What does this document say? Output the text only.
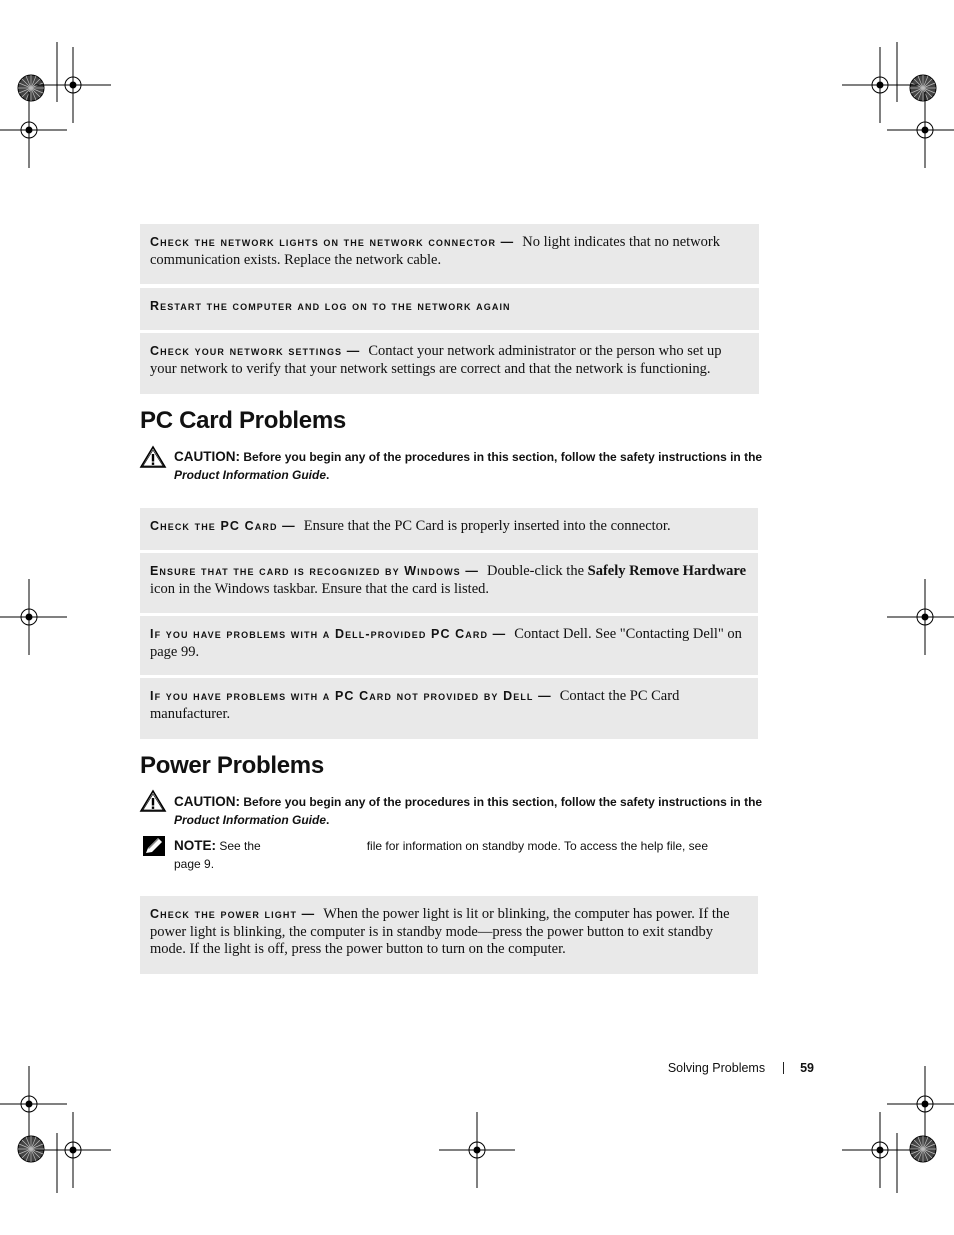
Check the network lights on the network connector — No light indicates that no network communication exists. Replace the network cable.
Restart the computer and log on to the network again
Check your network settings — Contact your network administrator or the person who set up your network to verify that your network settings are correct and that the network is functioning.
PC Card Problems
CAUTION: Before you begin any of the procedures in this section, follow the safety instructions in the
Product Information Guide.
Check the PC Card — Ensure that the PC Card is properly inserted into the connector.
Ensure that the card is recognized by Windows — Double-click the Safely Remove Hardware icon in the Windows taskbar. Ensure that the card is listed.
If you have problems with a Dell-provided PC Card — Contact Dell. See "Contacting Dell" on page 99.
If you have problems with a PC Card not provided by Dell — Contact the PC Card manufacturer.
Power Problems
CAUTION: Before you begin any of the procedures in this section, follow the safety instructions in the
Product Information Guide.
NOTE: See the	file for information on standby mode. To access the help file, see
page 9.
Check the power light — When the power light is lit or blinking, the computer has power. If the power light is blinking, the computer is in standby mode—press the power button to exit standby mode. If the light is off, press the power button to turn on the computer.
Solving Problems	59
